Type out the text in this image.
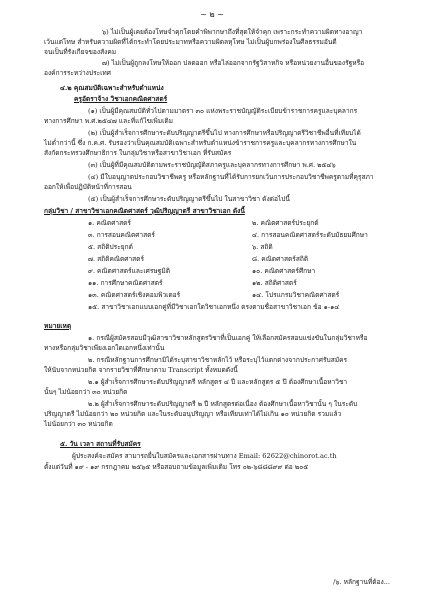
~ ๒ ~
๖) ไม่เป็นผู้เคยต้องโทษจำคุกโดยคำพิพากษาถึงที่สุดให้จำคุก เพราะกระทำความผิดทางอาญา
เว้นแต่โทษ สำหรับความผิดที่ได้กระทำโดยประมาทหรือความผิดลหุโทษ ไม่เป็นผู้บกพร่องในศีลธรรมอันดี
จนเป็นที่รังเกียจของสังคม
๗) ไม่เป็นผู้ถูกลงโทษให้ออก ปลดออก หรือไล่ออกจากรัฐวิสาหกิจ หรือหน่วยงานอื่นของรัฐหรือ
องค์การระหว่างประเทศ
๔.๒ คุณสมบัติเฉพาะสำหรับตำแหน่ง
ครูอัตราจ้าง วิชาเอกคณิตศาสตร์
(๑) เป็นผู้มีคุณสมบัติทั่วไปตามมาตรา ๓๐ แห่งพระราชบัญญัติระเบียบข้าราชการครูและบุคลากร
ทางการศึกษา พ.ศ.๒๕๔๗ และที่แก้ไขเพิ่มเติม
(๒) เป็นผู้สำเร็จการศึกษาระดับปริญญาตรีขึ้นไป ทางการศึกษาหรือปริญญาตรีวิชาชีพอื่นที่เทียบได้
ไม่ต่ำกว่านี้ ซึ่ง ก.ค.ศ. รับรองว่าเป็นคุณสมบัติเฉพาะสำหรับตำแหน่งข้าราชการครูและบุคลากรทางการศึกษาใน
สังกัดกระทรวงศึกษาธิการ ในกลุ่มวิชาหรือสาขาวิชาเอก ที่รับสมัคร
(๓) เป็นผู้ที่มีคุณสมบัติตามพระราชบัญญัติสภาครูและบุคลากรทางการศึกษา พ.ศ. ๒๕๔๖
(๔) มีใบอนุญาตประกอบวิชาชีพครู หรือหลักฐานที่ได้รับการยกเว้นการประกอบวิชาชีพครูตามที่คุรุสภา
ออกให้เพื่อปฏิบัติหน้าที่การสอน
(๕) เป็นผู้สำเร็จการศึกษาระดับปริญญาตรีขึ้นไป ในสาขาวิชา ดังต่อไปนี้
กลุ่มวิชา / สาขาวิชาเอกคณิตศาสตร์ วุฒิปริญญาตรี สาขาวิชาเอก ดังนี้
๑. คณิตศาสตร์	๒. คณิตศาสตร์ประยุกต์
๓. การสอนคณิตศาสตร์	๔. การสอนคณิตศาสตร์ระดับมัธยมศึกษา
๕. สถิติประยุกต์	๖. สถิติ
๗. สถิติคณิตศาสตร์	๘. คณิตศาสตร์สถิติ
๙. คณิตศาสตร์และเศรษฐมิติ	๑๐. คณิตศาสตร์ศึกษา
๑๑. การศึกษาคณิตศาสตร์	๑๒. สถิติศาสตร์
๑๓. คณิตศาสตร์เชิงคอมพิวเตอร์	๑๔. โปรแกรมวิชาคณิตศาสตร์
๑๕. สาขาวิชาเอกแบบเอกคู่ที่มีวิชาเอกใดวิชาเอกหนึ่ง ตรงตามชื่อสาขาวิชาเอก ข้อ ๑-๑๔
หมายเหตุ
๑. กรณีผู้สมัครสอบมีวุฒิสาขาวิชาหลักสูตรวิชาที่เป็นเอกคู่ ให้เลือกสมัครสอบแข่งขันในกลุ่มวิชาหรือ
ทางหรือกลุ่มวิชาเพียงเอกใดเอกหนึ่งเท่านั้น
๒. กรณีหลักฐานการศึกษามิได้ระบุสาขาวิชาหลักไว้ หรือระบุไว้แตกต่างจากประกาศรับสมัคร
ให้นับจากหน่วยกิต จากรายวิชาที่ศึกษาตาม Transcript ทั้งหมดดังนี้
๒.๑ ผู้สำเร็จการศึกษาระดับปริญญาตรี หลักสูตร ๔ ปี และหลักสูตร ๕ ปี ต้องศึกษาเนื้อหาวิชา
นั้นๆ ไม่น้อยกว่า ๓๐ หน่วยกิต
๒.๒ ผู้สำเร็จการศึกษาระดับปริญญาตรี ๒ ปี หลักสูตรต่อเนื่อง ต้องศึกษาเนื้อหาวิชานั้น ๆ ในระดับ
ปริญญาตรี ไม่น้อยกว่า ๒๐ หน่วยกิต และในระดับอนุปริญญา หรือเทียบเท่าได้ไม่เกิน ๑๐ หน่วยกิต รวมแล้ว
ไม่น้อยกว่า ๓๐ หน่วยกิต
๕. วัน เวลา สถานที่รับสมัคร
ผู้ประสงค์จะสมัคร สามารถยื่นใบสมัครและเอกสารผ่านทาง Email: 62622@chinorot.ac.th
ตั้งแต่วันที่ ๑๙ - ๑๙ กรกฎาคม ๒๕๖๕ หรือสอบถามข้อมูลเพิ่มเติม โทร ๐๒-๖๘๘๘๙๙ ต่อ ๒๐๕
/๖. หลักฐานที่ต้อง...
